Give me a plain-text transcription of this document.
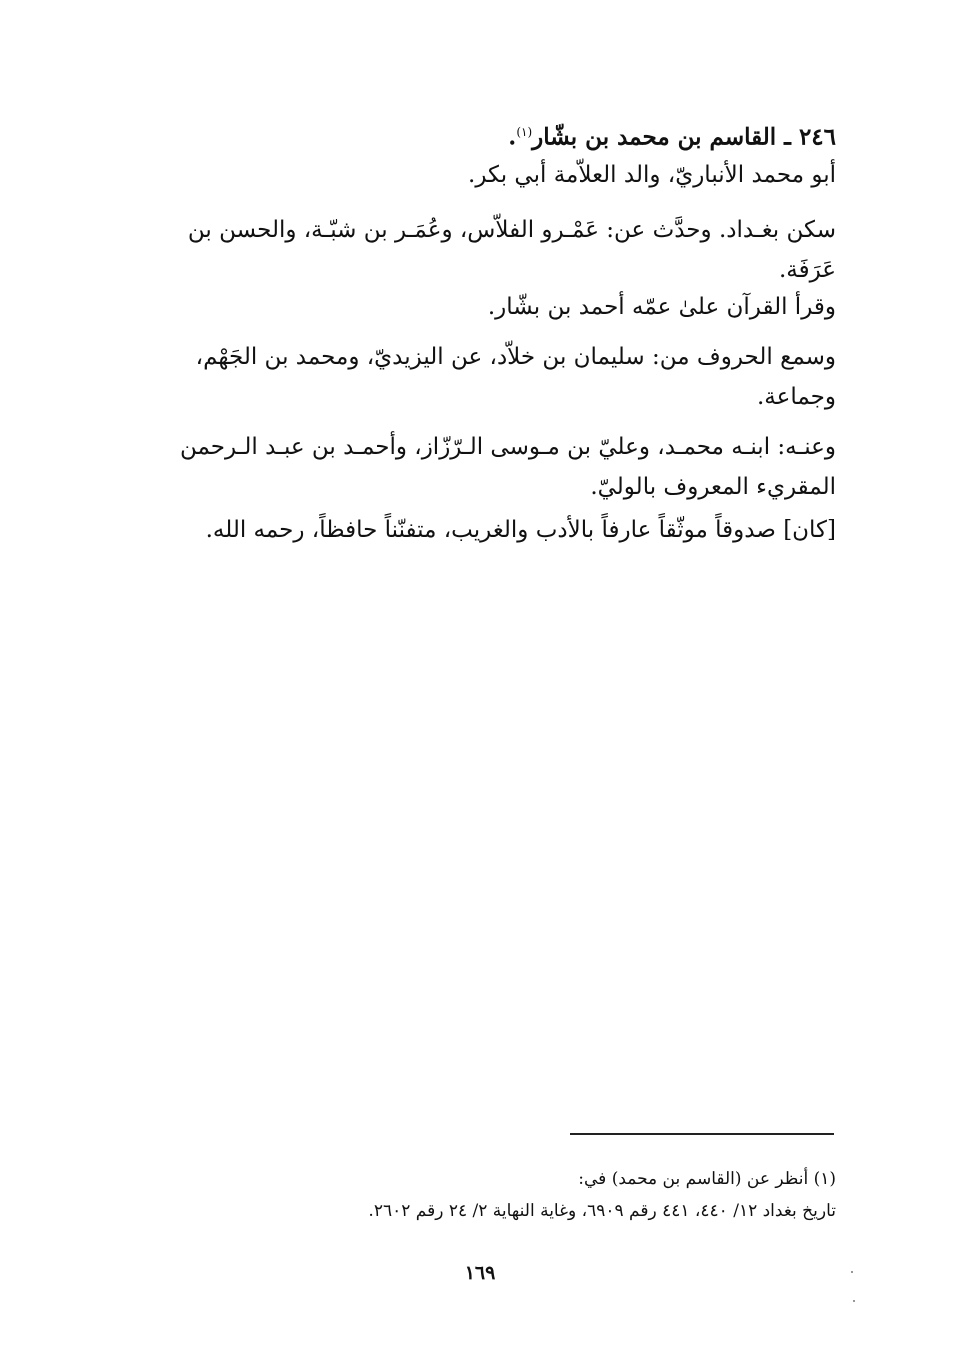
٢٤٦ ـ القاسم بن محمد بن بشّار$^{(١)}$.
أبو محمد الأنباريّ، والد العلاّمة أبي بكر.
سكن بغـداد. وحدَّث عن: عَمْـرو الفلاّس، وعُمَـر بن شبّـة، والحسن بن
عَرَفَة.
وقرأ القرآن علىٰ عمّه أحمد بن بشّار.
وسمع الحروف من: سليمان بن خلاّد، عن اليزيديّ، ومحمد بن الجَهْم،
وجماعة.
وعنـه: ابنـه محمـد، وعليّ بن مـوسى الـرّزّاز، وأحمـد بن عبـد الـرحمن
المقريء المعروف بالوليّ.
[كان] صدوقاً موثّقاً عارفاً بالأدب والغريب، متفنّناً حافظاً، رحمه الله.
(١) أنظر عن (القاسم بن محمد) في:
تاريخ بغداد ١٢/ ٤٤٠، ٤٤١ رقم ٦٩٠٩، وغاية النهاية ٢/ ٢٤ رقم ٢٦٠٢.
١٦٩
